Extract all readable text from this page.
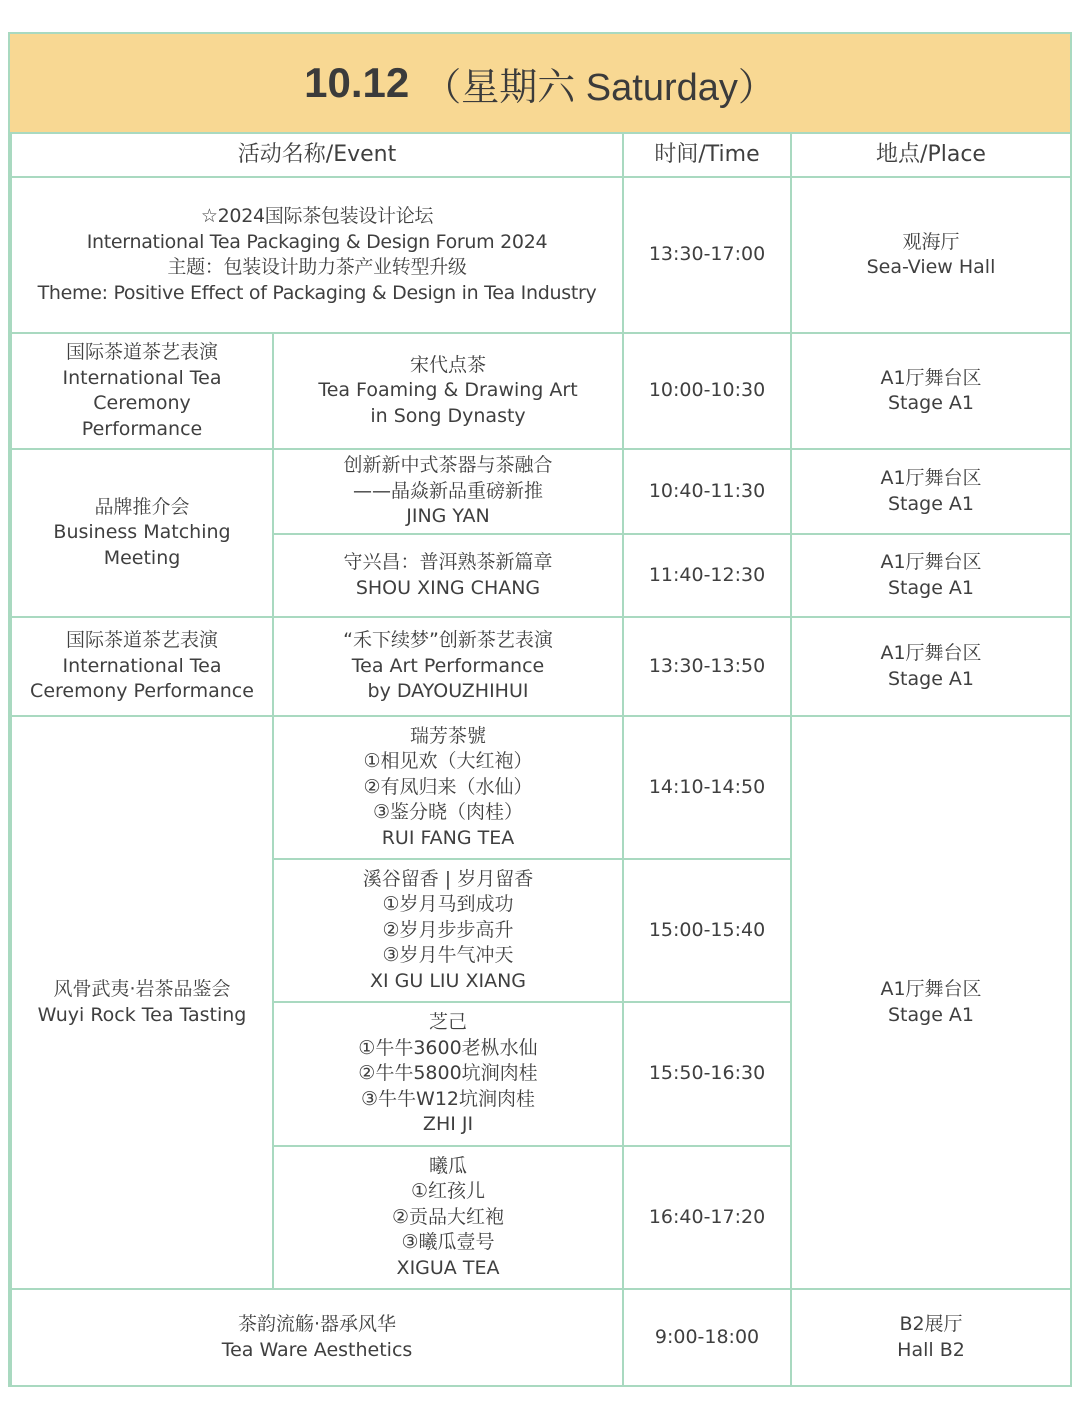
10.12 （星期六 Saturday）
活动名称/Event		时间/Time	地点/Place

☆2024国际茶包装设计论坛
International Tea Packaging & Design Forum 2024
主题：包装设计助力茶产业转型升级
Theme: Positive Effect of Packaging & Design in Tea Industry		13:30-17:00	观海厅
Sea-View Hall

国际茶道茶艺表演
International Tea
Ceremony
Performance	宋代点茶
Tea Foaming & Drawing Art
in Song Dynasty	10:00-10:30	A1厅舞台区
Stage A1

品牌推介会
Business Matching
Meeting	创新新中式茶器与茶融合
——晶焱新品重磅新推
JING YAN	10:40-11:30	A1厅舞台区
Stage A1

	守兴昌：普洱熟茶新篇章
SHOU XING CHANG	11:40-12:30	A1厅舞台区
Stage A1

国际茶道茶艺表演
International Tea
Ceremony Performance	“禾下续梦”创新茶艺表演
Tea Art Performance
by DAYOUZHIHUI	13:30-13:50	A1厅舞台区
Stage A1

风骨武夷·岩茶品鉴会
Wuyi Rock Tea Tasting	瑞芳茶號
①相见欢（大红袍）
②有凤归来（水仙）
③鉴分晓（肉桂）
RUI FANG TEA	14:10-14:50	A1厅舞台区
Stage A1

	溪谷留香 | 岁月留香
①岁月马到成功
②岁月步步高升
③岁月牛气冲天
XI GU LIU XIANG	15:00-15:40	

	芝己
①牛牛3600老枞水仙
②牛牛5800坑涧肉桂
③牛牛W12坑涧肉桂
ZHI JI	15:50-16:30	

	曦瓜
①红孩儿
②贡品大红袍
③曦瓜壹号
XIGUA TEA	16:40-17:20	

茶韵流觞·器承风华
Tea Ware Aesthetics		9:00-18:00	B2展厅
Hall B2
